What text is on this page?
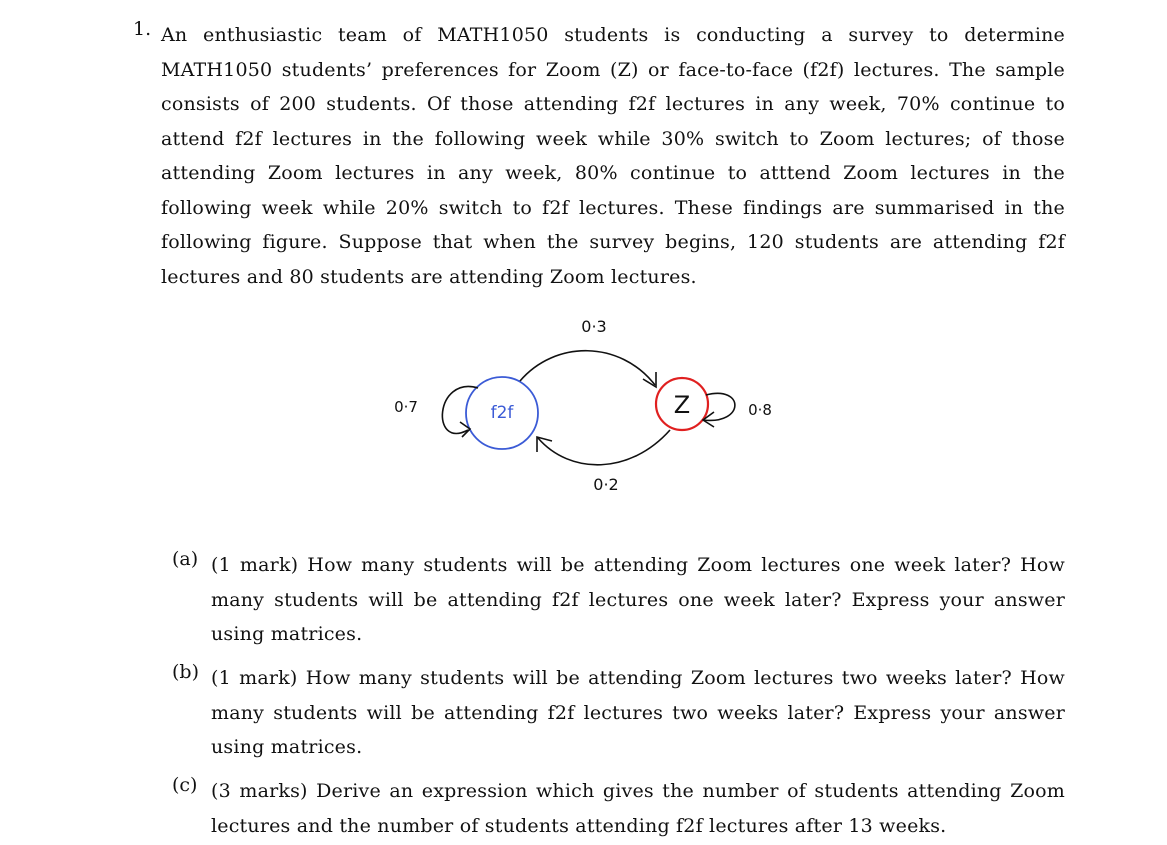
1. An enthusiastic team of MATH1050 students is conducting a survey to determine MATH1050 students’ preferences for Zoom (Z) or face-to-face (f2f) lectures. The sample consists of 200 students. Of those attending f2f lectures in any week, 70% continue to attend f2f lectures in the following week while 30% switch to Zoom lectures; of those attending Zoom lectures in any week, 80% continue to atttend Zoom lectures in the following week while 20% switch to f2f lectures. These findings are summarised in the following figure. Suppose that when the survey begins, 120 students are attending f2f lectures and 80 students are attending Zoom lectures.
f2f	Z
0·3
0·2
0·7	0·8
(a) (1 mark) How many students will be attending Zoom lectures one week later? How many students will be attending f2f lectures one week later? Express your answer using matrices.
(b) (1 mark) How many students will be attending Zoom lectures two weeks later? How many students will be attending f2f lectures two weeks later? Express your answer using matrices.
(c) (3 marks) Derive an expression which gives the number of students attending Zoom lectures and the number of students attending f2f lectures after 13 weeks.
